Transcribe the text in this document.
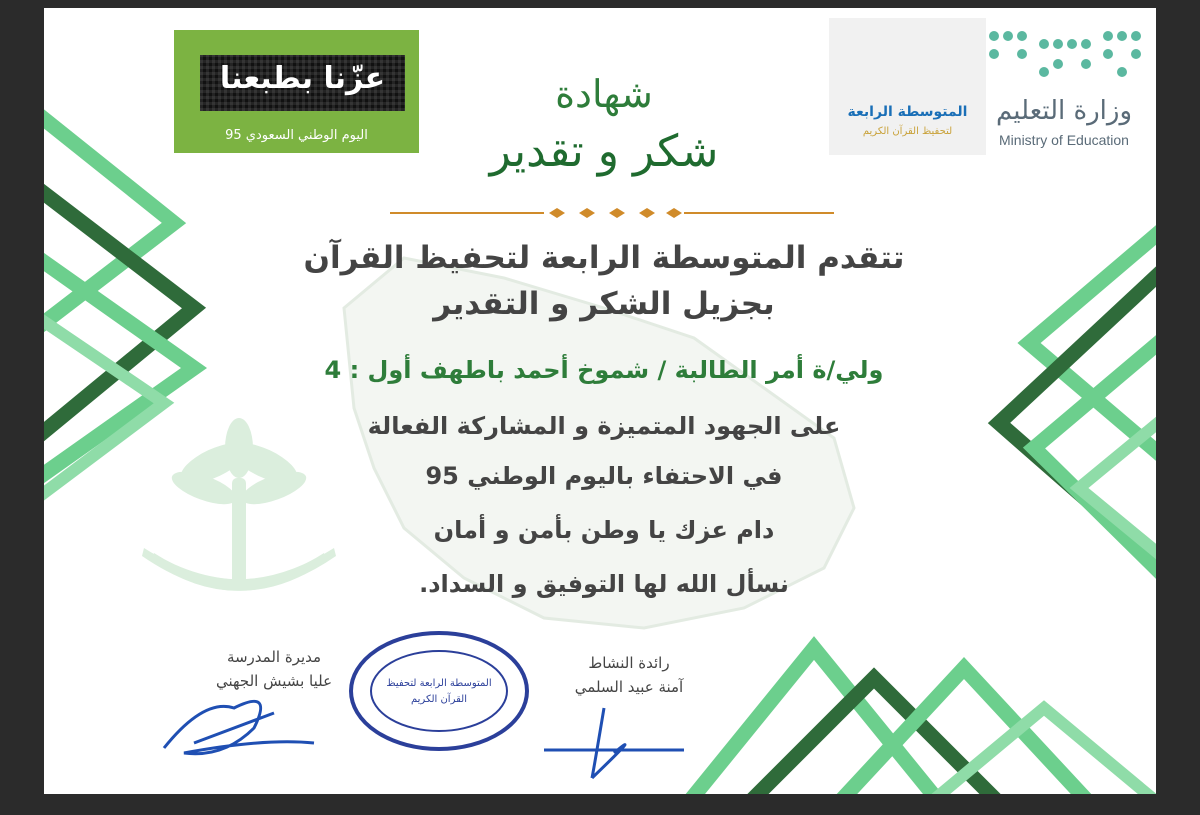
المتوسطة الرابعة لتحفيظ
القرآن الكريم
عزّنا بطبعنا
اليوم الوطني السعودي 95
المتوسطة الرابعة
لتحفيظ القرآن الكريم
وزارة التعليم
Ministry of Education
شهادة
شكر و تقدير
تتقدم المتوسطة الرابعة لتحفيظ القرآن
بجزيل الشكر و التقدير
ولي/ة أمر الطالبة / شموخ أحمد باطهف أول : 4
على الجهود المتميزة و المشاركة الفعالة
في الاحتفاء باليوم الوطني 95
دام عزك يا وطن بأمن و أمان
نسأل الله لها التوفيق و السداد.
مديرة المدرسة
عليا بشيش الجهني
رائدة النشاط
آمنة عبيد السلمي
